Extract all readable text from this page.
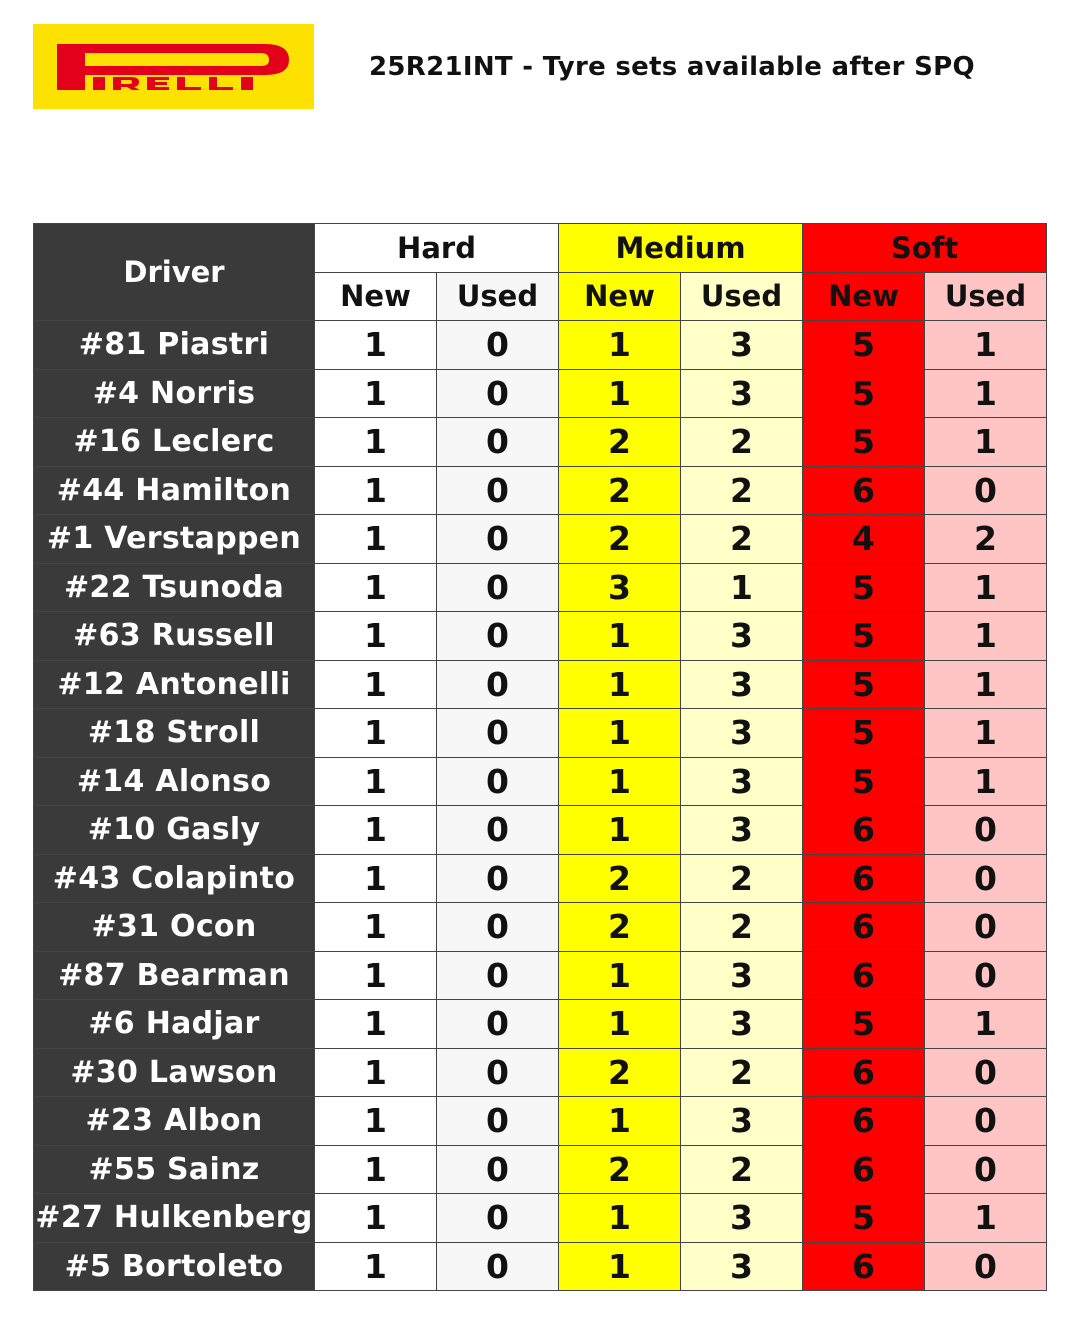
25R21INT - Tyre sets available after SPQ
Driver	Hard		Medium		Soft	
	New	Used	New	Used	New	Used
#81 Piastri	1	0	1	3	5	1
#4 Norris	1	0	1	3	5	1
#16 Leclerc	1	0	2	2	5	1
#44 Hamilton	1	0	2	2	6	0
#1 Verstappen	1	0	2	2	4	2
#22 Tsunoda	1	0	3	1	5	1
#63 Russell	1	0	1	3	5	1
#12 Antonelli	1	0	1	3	5	1
#18 Stroll	1	0	1	3	5	1
#14 Alonso	1	0	1	3	5	1
#10 Gasly	1	0	1	3	6	0
#43 Colapinto	1	0	2	2	6	0
#31 Ocon	1	0	2	2	6	0
#87 Bearman	1	0	1	3	6	0
#6 Hadjar	1	0	1	3	5	1
#30 Lawson	1	0	2	2	6	0
#23 Albon	1	0	1	3	6	0
#55 Sainz	1	0	2	2	6	0
#27 Hulkenberg	1	0	1	3	5	1
#5 Bortoleto	1	0	1	3	6	0
